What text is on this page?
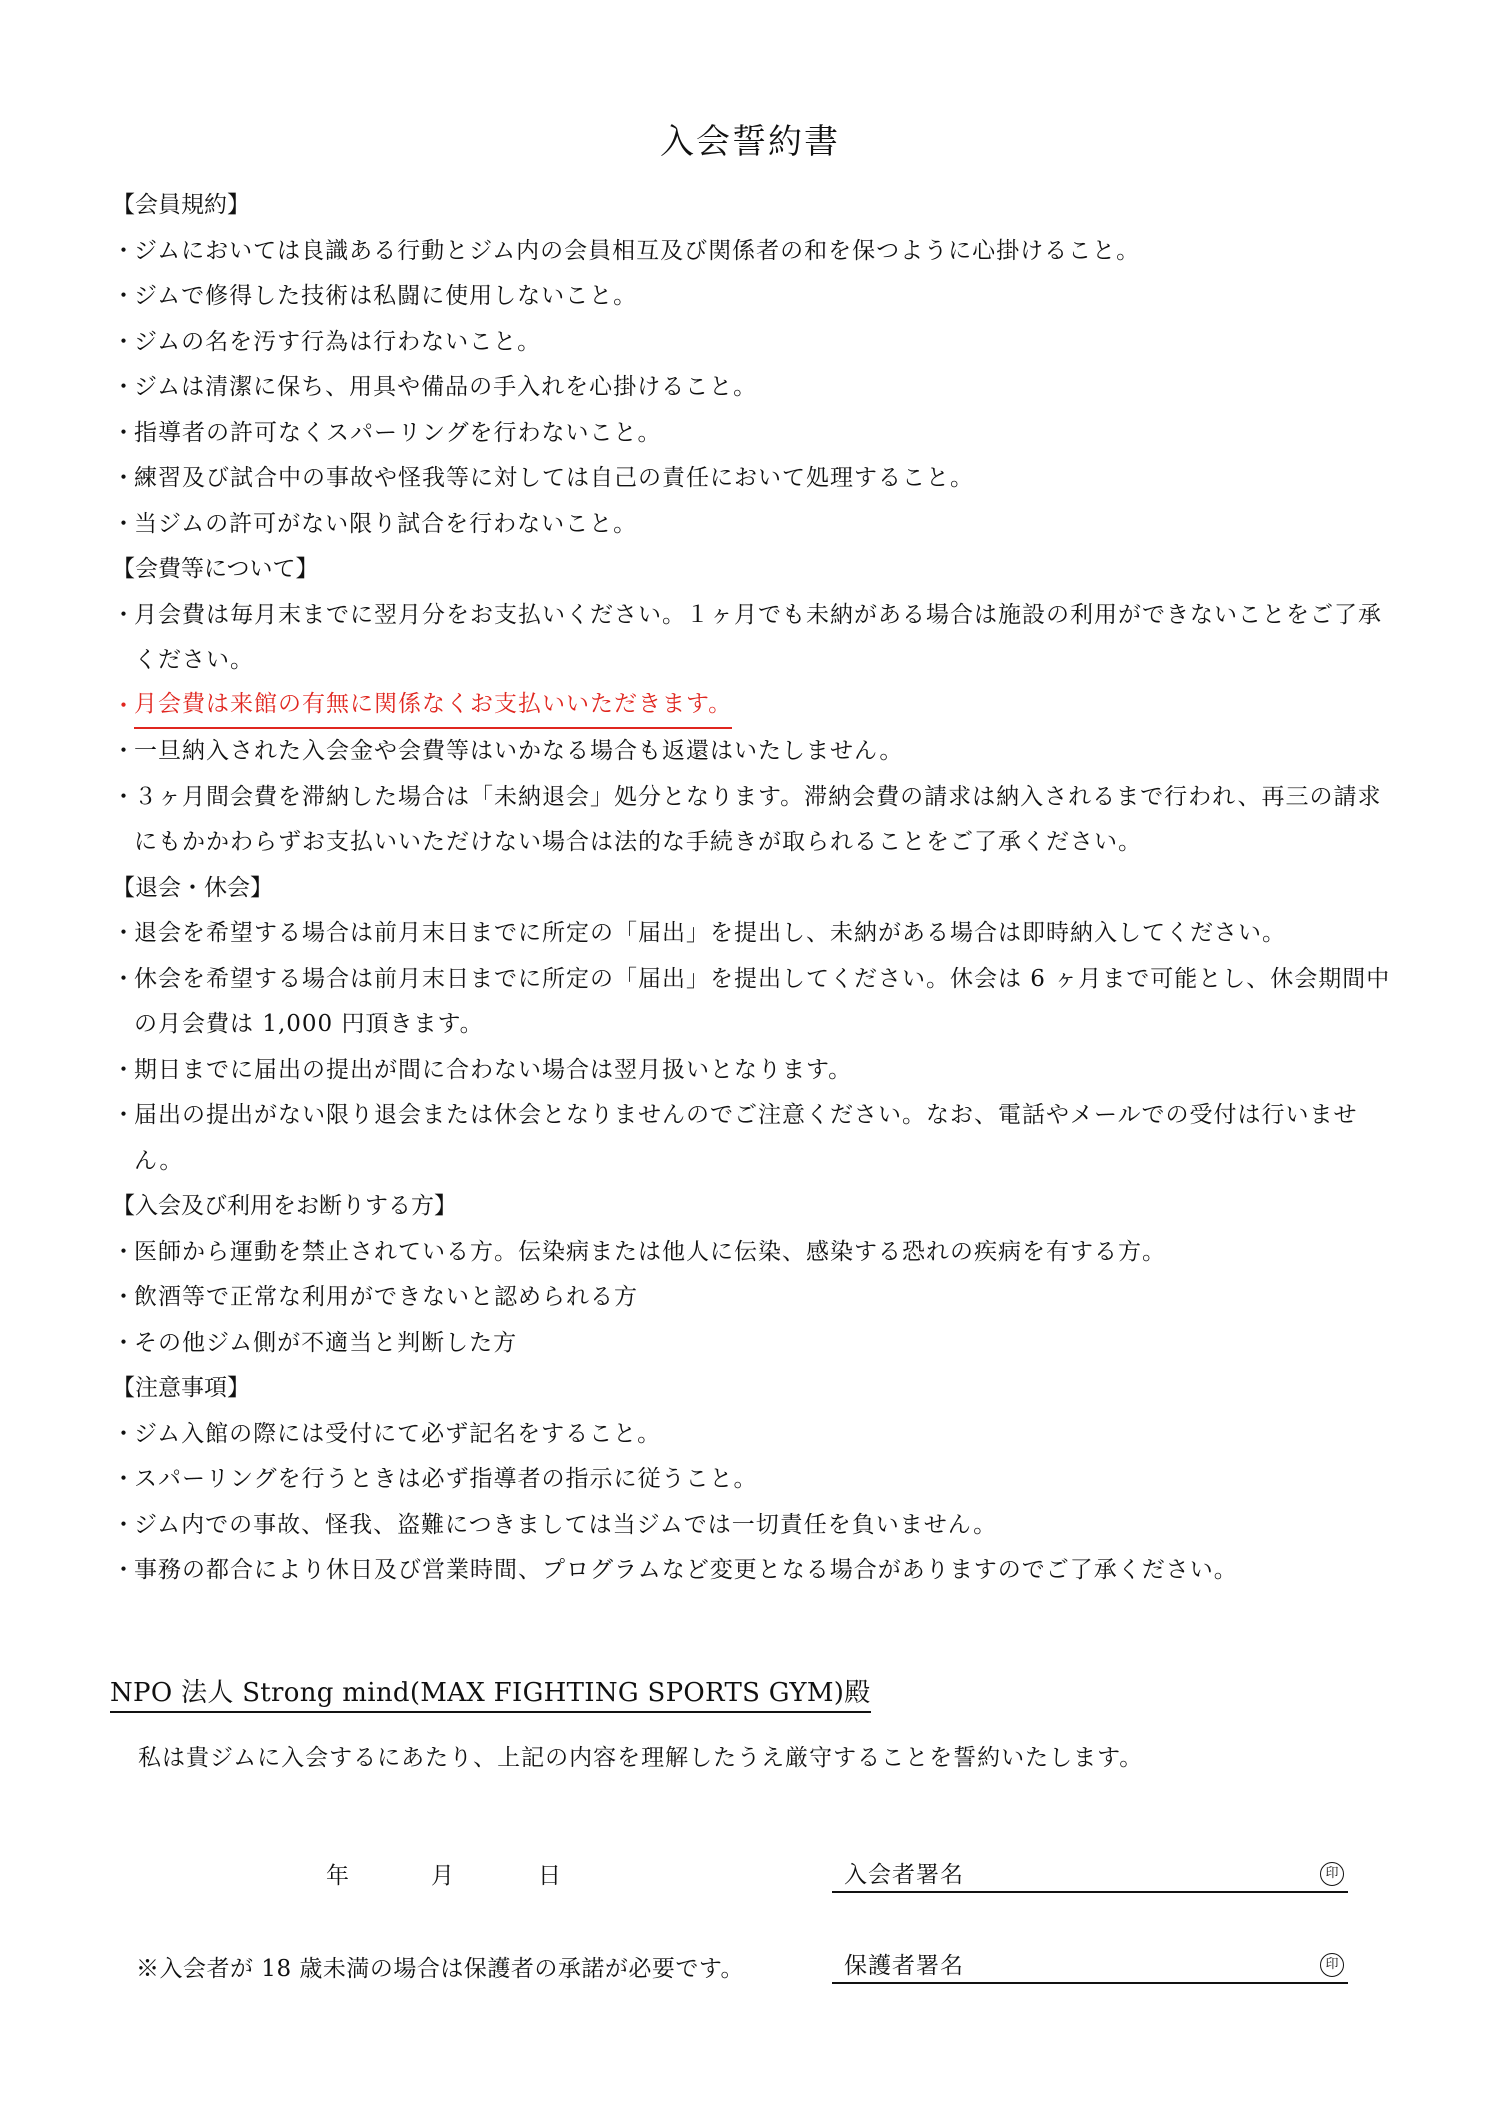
入会誓約書
【会員規約】
・ ジムにおいては良識ある行動とジム内の会員相互及び関係者の和を保つように心掛けること。
・ ジムで修得した技術は私闘に使用しないこと。
・ ジムの名を汚す行為は行わないこと。
・ ジムは清潔に保ち、用具や備品の手入れを心掛けること。
・ 指導者の許可なくスパーリングを行わないこと。
・ 練習及び試合中の事故や怪我等に対しては自己の責任において処理すること。
・ 当ジムの許可がない限り試合を行わないこと。
【会費等について】
・ 月会費は毎月末までに翌月分をお支払いください。１ヶ月でも未納がある場合は施設の利用ができないことをご了承ください。
・ 月会費は来館の有無に関係なくお支払いいただきます。
・ 一旦納入された入会金や会費等はいかなる場合も返還はいたしません。
・ ３ヶ月間会費を滞納した場合は「未納退会」処分となります。滞納会費の請求は納入されるまで行われ、再三の請求にもかかわらずお支払いいただけない場合は法的な手続きが取られることをご了承ください。
【退会・休会】
・ 退会を希望する場合は前月末日までに所定の「届出」を提出し、未納がある場合は即時納入してください。
・ 休会を希望する場合は前月末日までに所定の「届出」を提出してください。休会は 6 ヶ月まで可能とし、休会期間中の月会費は 1,000 円頂きます。
・ 期日までに届出の提出が間に合わない場合は翌月扱いとなります。
・ 届出の提出がない限り退会または休会となりませんのでご注意ください。なお、電話やメールでの受付は行いません。
【入会及び利用をお断りする方】
・ 医師から運動を禁止されている方。伝染病または他人に伝染、感染する恐れの疾病を有する方。
・ 飲酒等で正常な利用ができないと認められる方
・ その他ジム側が不適当と判断した方
【注意事項】
・ ジム入館の際には受付にて必ず記名をすること。
・ スパーリングを行うときは必ず指導者の指示に従うこと。
・ ジム内での事故、怪我、盗難につきましては当ジムでは一切責任を負いません。
・ 事務の都合により休日及び営業時間、プログラムなど変更となる場合がありますのでご了承ください。
NPO 法人 Strong mind(MAX FIGHTING SPORTS GYM)殿
私は貴ジムに入会するにあたり、上記の内容を理解したうえ厳守することを誓約いたします。
年	月	日	入会者署名	印
※入会者が 18 歳未満の場合は保護者の承諾が必要です。	保護者署名	印
